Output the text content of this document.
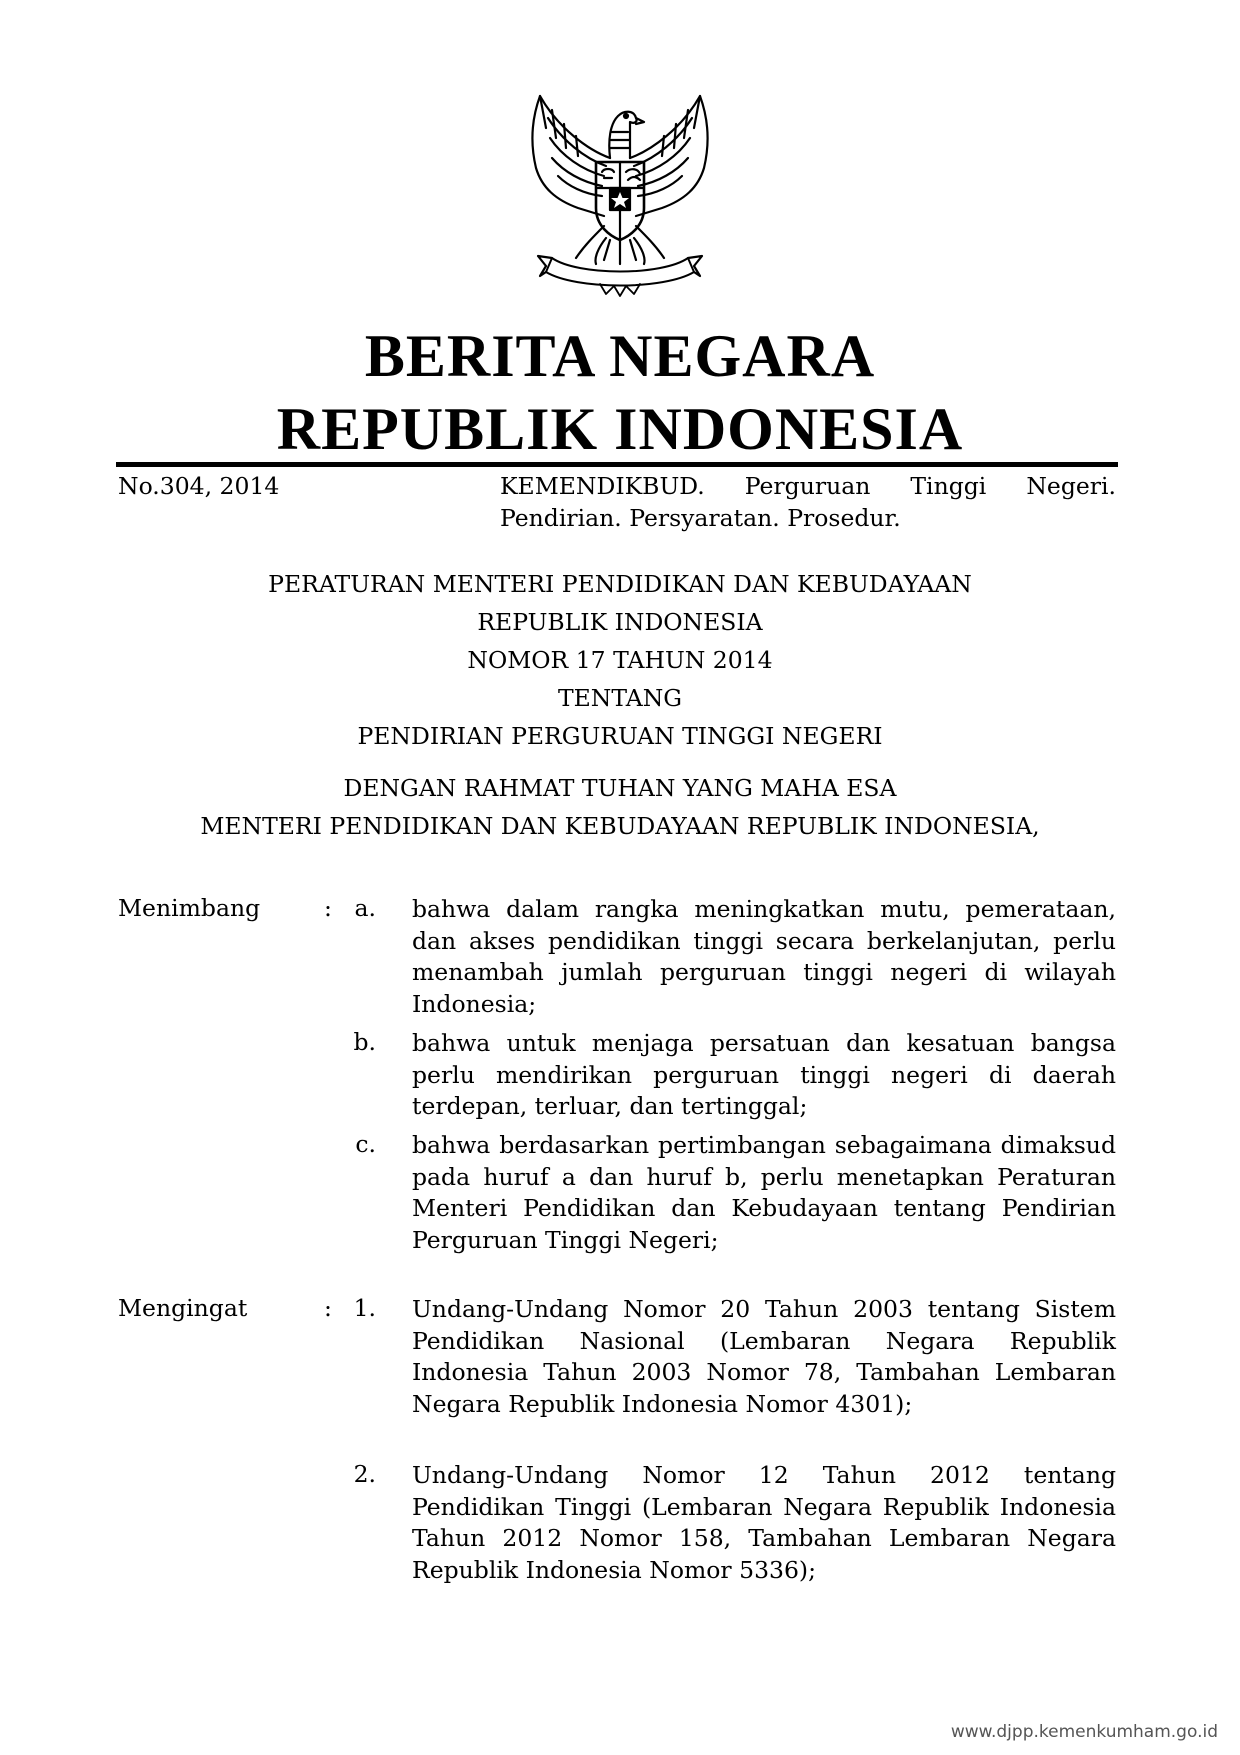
BERITA NEGARA
REPUBLIK INDONESIA
No.304, 2014	KEMENDIKBUD. Perguruan Tinggi Negeri. Pendirian. Persyaratan. Prosedur.
PERATURAN MENTERI PENDIDIKAN DAN KEBUDAYAAN
REPUBLIK INDONESIA
NOMOR 17 TAHUN 2014
TENTANG
PENDIRIAN PERGURUAN TINGGI NEGERI
DENGAN RAHMAT TUHAN YANG MAHA ESA
MENTERI PENDIDIKAN DAN KEBUDAYAAN REPUBLIK INDONESIA,
Menimbang	: a. bahwa dalam rangka meningkatkan mutu, pemerataan, dan akses pendidikan tinggi secara berkelanjutan, perlu menambah jumlah perguruan tinggi negeri di wilayah Indonesia;
b. bahwa untuk menjaga persatuan dan kesatuan bangsa perlu mendirikan perguruan tinggi negeri di daerah terdepan, terluar, dan tertinggal;
c. bahwa berdasarkan pertimbangan sebagaimana dimaksud pada huruf a dan huruf b, perlu menetapkan Peraturan Menteri Pendidikan dan Kebudayaan tentang Pendirian Perguruan Tinggi Negeri;
Mengingat	: 1. Undang-Undang Nomor 20 Tahun 2003 tentang Sistem Pendidikan Nasional (Lembaran Negara Republik Indonesia Tahun 2003 Nomor 78, Tambahan Lembaran Negara Republik Indonesia Nomor 4301);
2. Undang-Undang Nomor 12 Tahun 2012 tentang Pendidikan Tinggi (Lembaran Negara Republik Indonesia Tahun 2012 Nomor 158, Tambahan Lembaran Negara Republik Indonesia Nomor 5336);
www.djpp.kemenkumham.go.id
